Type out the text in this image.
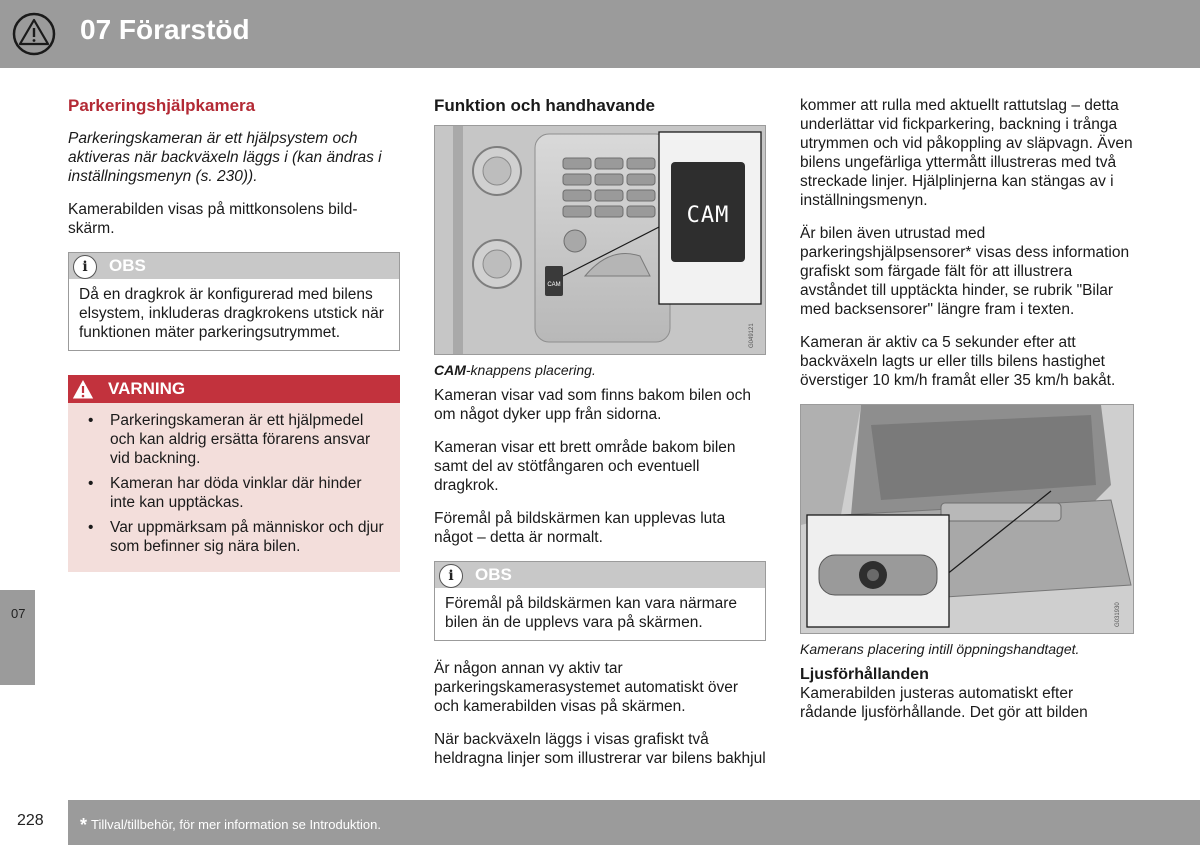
07 Förarstöd
07
Parkeringshjälpkamera

Parkeringskameran är ett hjälpsystem och aktiveras när backväxeln läggs i (kan ändras i inställningsmenyn (s. 230)).

Kamerabilden visas på mittkonsolens bild-skärm.

i	OBS
Då en dragkrok är konfigurerad med bilens elsystem, inkluderas dragkrokens utstick när funktionen mäter parkeringsutrymmet.
VARNING
• Parkeringskameran är ett hjälpmedel och kan aldrig ersätta förarens ansvar vid backning.
• Kameran har döda vinklar där hinder inte kan upptäckas.
• Var uppmärksam på människor och djur som befinner sig nära bilen.
Funktion och handhavande
CAM
CAM
G049121
CAM-knappens placering.

Kameran visar vad som finns bakom bilen och om något dyker upp från sidorna.

Kameran visar ett brett område bakom bilen samt del av stötfångaren och eventuell dragkrok.

Föremål på bildskärmen kan upplevas luta något – detta är normalt.

i	OBS
Föremål på bildskärmen kan vara närmare bilen än de upplevs vara på skärmen.

Är någon annan vy aktiv tar parkeringskamerasystemet automatiskt över och kamerabilden visas på skärmen.

När backväxeln läggs i visas grafiskt två heldragna linjer som illustrerar var bilens bakhjul

kommer att rulla med aktuellt rattutslag – detta underlättar vid fickparkering, backning i trånga utrymmen och vid påkoppling av släpvagn. Även bilens ungefärliga yttermått illustreras med två streckade linjer. Hjälplinjerna kan stängas av i inställningsmenyn.

Är bilen även utrustad med parkeringshjälpsensorer* visas dess information grafiskt som färgade fält för att illustrera avståndet till upptäckta hinder, se rubrik "Bilar med backsensorer" längre fram i texten.

Kameran är aktiv ca 5 sekunder efter att backväxeln lagts ur eller tills bilens hastighet överstiger 10 km/h framåt eller 35 km/h bakåt.

G031930
Kamerans placering intill öppningshandtaget.
Ljusförhållanden

Kamerabilden justeras automatiskt efter rådande ljusförhållande. Det gör att bilden

228 * Tillval/tillbehör, för mer information se Introduktion.
